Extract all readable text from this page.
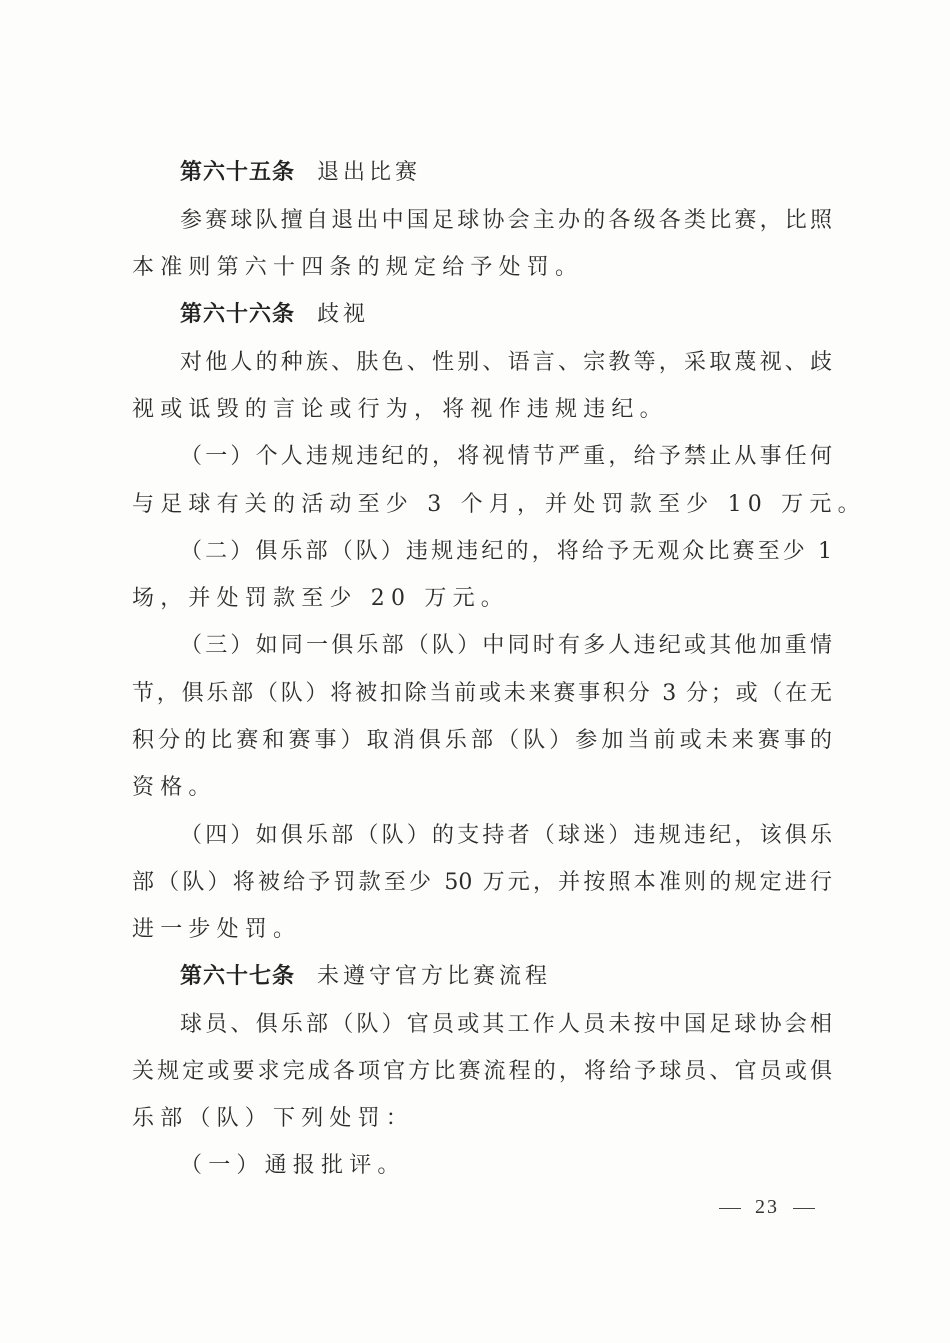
第六十五条 退出比赛
参赛球队擅自退出中国足球协会主办的各级各类比赛，比照
本准则第六十四条的规定给予处罚。
第六十六条 歧视
对他人的种族、肤色、性别、语言、宗教等，采取蔑视、歧
视或诋毁的言论或行为，将视作违规违纪。
（一）个人违规违纪的，将视情节严重，给予禁止从事任何
与足球有关的活动至少 3 个月，并处罚款至少 10 万元。
（二）俱乐部（队）违规违纪的，将给予无观众比赛至少 1
场，并处罚款至少 20 万元。
（三）如同一俱乐部（队）中同时有多人违纪或其他加重情
节，俱乐部（队）将被扣除当前或未来赛事积分 3 分；或（在无
积分的比赛和赛事）取消俱乐部（队）参加当前或未来赛事的
资格。
（四）如俱乐部（队）的支持者（球迷）违规违纪，该俱乐
部（队）将被给予罚款至少 50 万元，并按照本准则的规定进行
进一步处罚。
第六十七条 未遵守官方比赛流程
球员、俱乐部（队）官员或其工作人员未按中国足球协会相
关规定或要求完成各项官方比赛流程的，将给予球员、官员或俱
乐部（队）下列处罚：
（一）通报批评。
23
